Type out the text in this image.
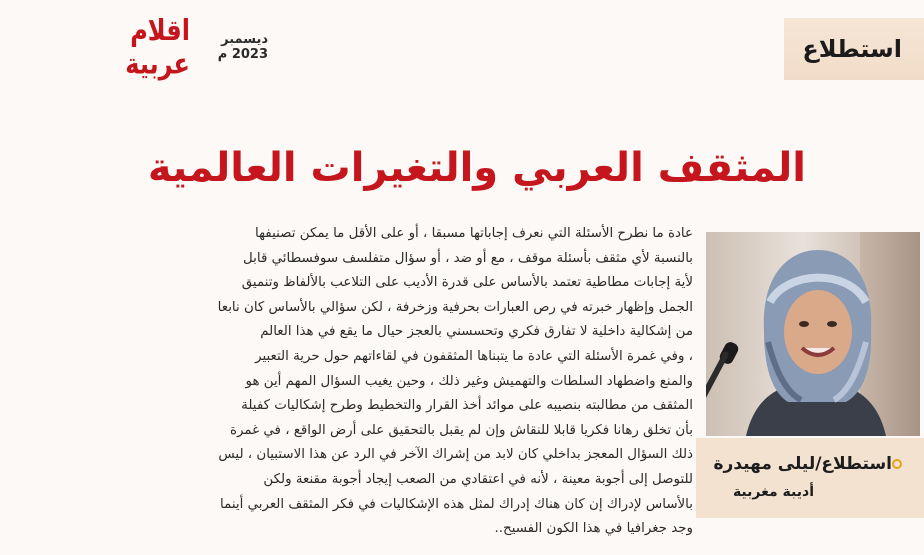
استطلاع
ديسمبر 2023 م
اقلام عربية
المثقف العربي والتغيرات العالمية

عادة ما نطرح الأسئلة التي نعرف إجاباتها مسبقا ، أو على الأقل ما يمكن تصنيفها

بالنسبة لأي مثقف بأسئلة موقف ، مع أو ضد ، أو سؤال متفلسف سوفسطائي قابل

لأية إجابات مطاطية تعتمد بالأساس على قدرة الأديب على التلاعب بالألفاظ وتنميق

الجمل وإظهار خبرته في رص العبارات بحرفية وزخرفة ، لكن سؤالي بالأساس كان نابعا

من إشكالية داخلية لا تفارق فكري وتحسسني بالعجز حيال ما يقع في هذا العالم

، وفي غمرة الأسئلة التي عادة ما يتبناها المثقفون في لقاءاتهم حول حرية التعبير

والمنع واضطهاد السلطات والتهميش وغير ذلك ، وحين يغيب السؤال المهم أين هو

المثقف من مطالبته بنصيبه على موائد أخذ القرار والتخطيط وطرح إشكاليات كفيلة

بأن تخلق رهانا فكريا قابلا للنقاش وإن لم يقبل بالتحقيق على أرض الواقع ، في غمرة

ذلك السؤال المعجز بداخلي كان لابد من إشراك الآخر في الرد عن هذا الاستبيان ، ليس

للتوصل إلى أجوبة معينة ، لأنه في اعتقادي من الصعب إيجاد أجوبة مقنعة ولكن

بالأساس لإدراك إن كان هناك إدراك لمثل هذه الإشكاليات في فكر المثقف العربي أينما

وجد جغرافيا في هذا الكون الفسيح..

استطلاع/ليلى مهيدرة
أديبة مغربية
